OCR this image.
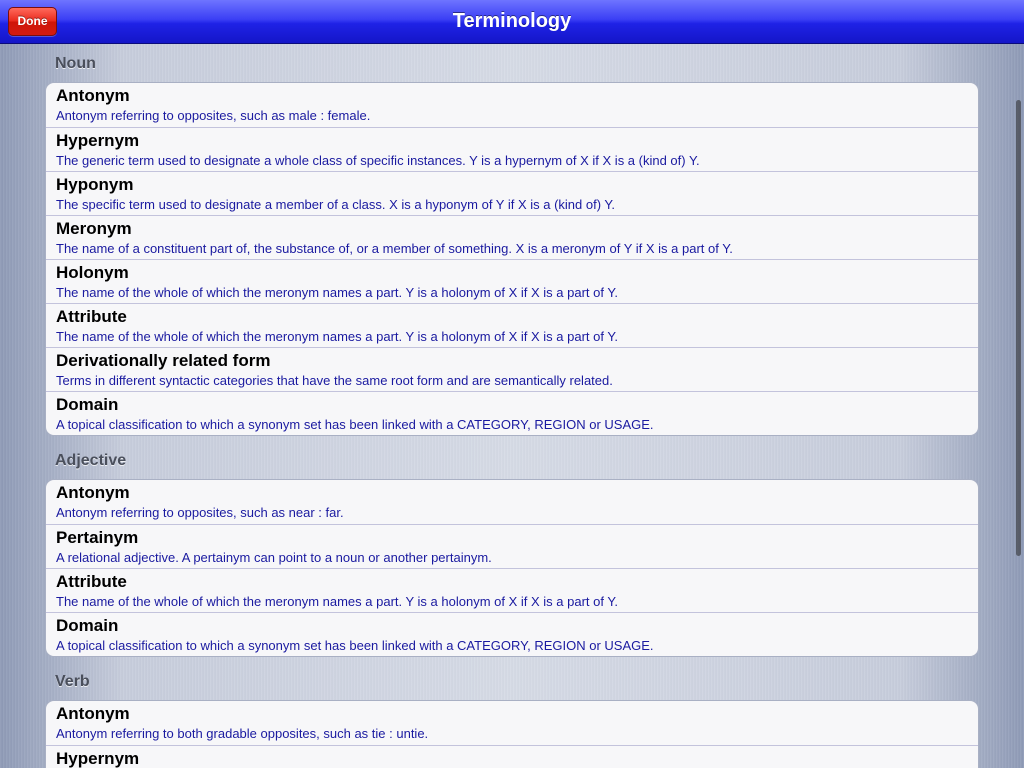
Terminology
Done
Noun
Antonym
Antonym referring to opposites, such as male : female.
Hypernym
The generic term used to designate a whole class of specific instances. Y is a hypernym of X if X is a (kind of) Y.
Hyponym
The specific term used to designate a member of a class. X is a hyponym of Y if X is a (kind of) Y.
Meronym
The name of a constituent part of, the substance of, or a member of something. X is a meronym of Y if X is a part of Y.
Holonym
The name of the whole of which the meronym names a part. Y is a holonym of X if X is a part of Y.
Attribute
The name of the whole of which the meronym names a part. Y is a holonym of X if X is a part of Y.
Derivationally related form
Terms in different syntactic categories that have the same root form and are semantically related.
Domain
A topical classification to which a synonym set has been linked with a CATEGORY, REGION or USAGE.
Adjective
Antonym
Antonym referring to opposites, such as near : far.
Pertainym
A relational adjective. A pertainym can point to a noun or another pertainym.
Attribute
The name of the whole of which the meronym names a part. Y is a holonym of X if X is a part of Y.
Domain
A topical classification to which a synonym set has been linked with a CATEGORY, REGION or USAGE.
Verb
Antonym
Antonym referring to both gradable opposites, such as tie : untie.
Hypernym
